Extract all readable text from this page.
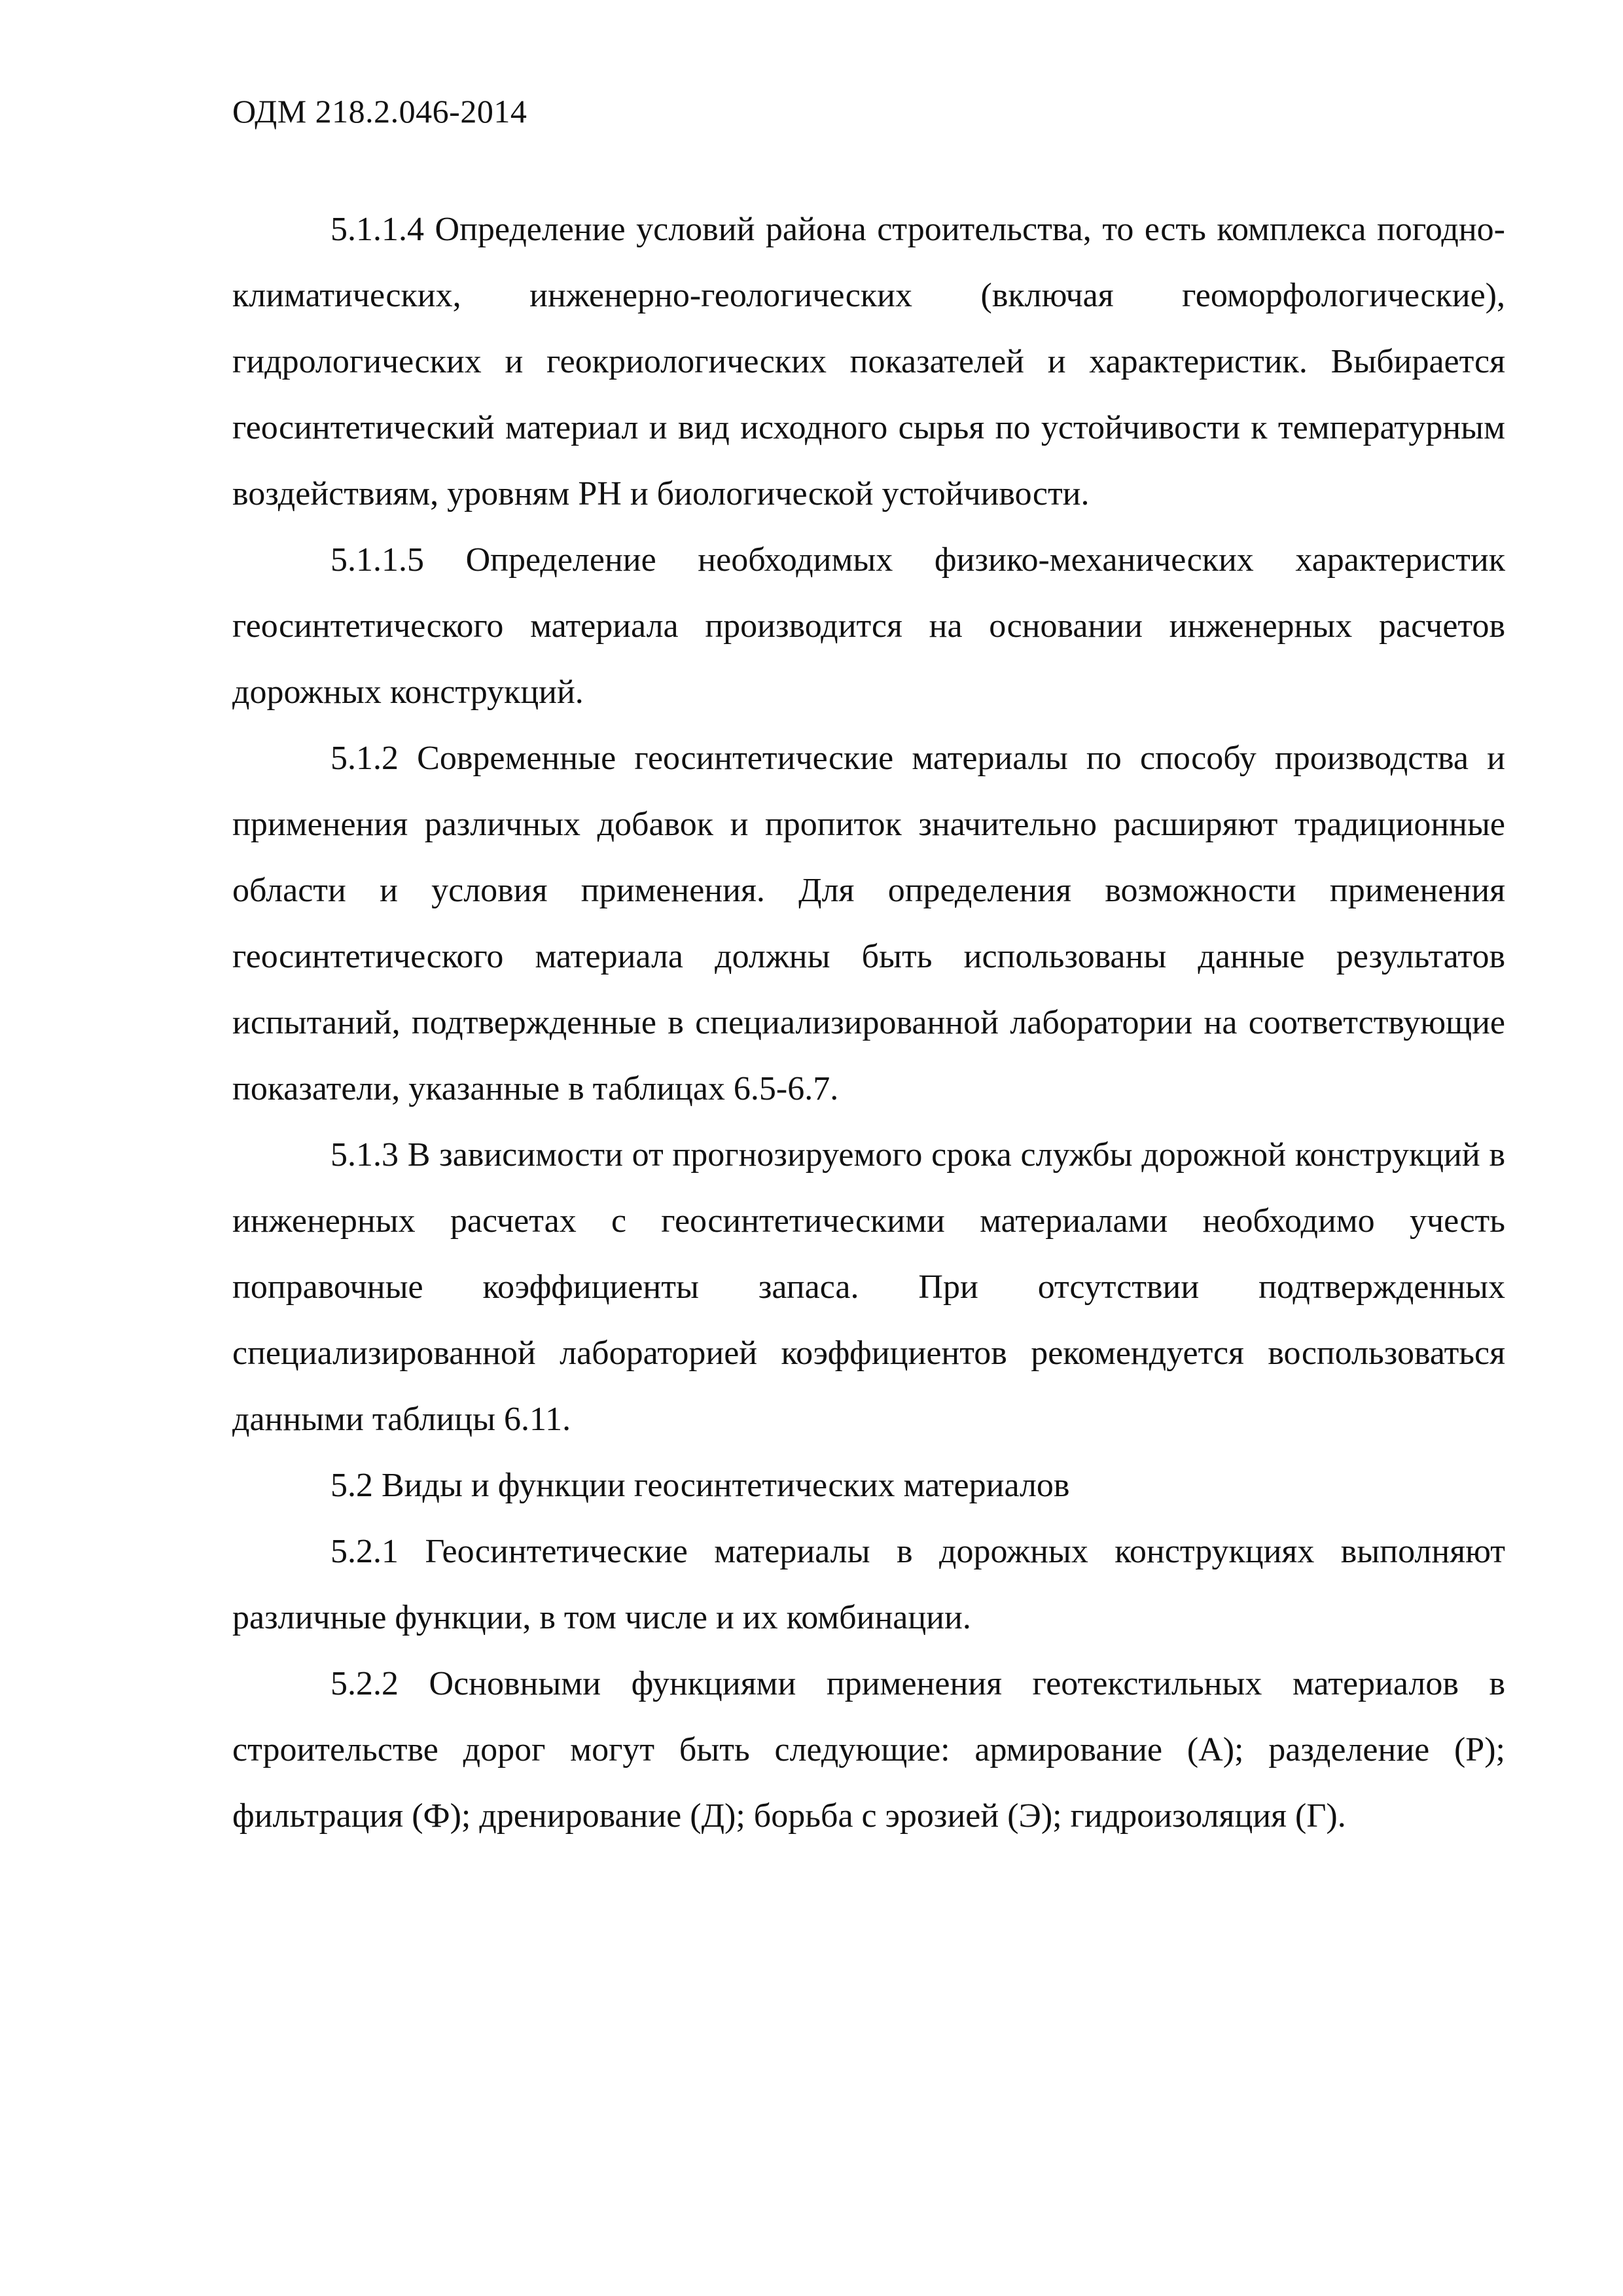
ОДМ 218.2.046-2014

5.1.1.4 Определение условий района строительства, то есть комплекса погодно-климатических, инженерно-геологических (включая геоморфологические), гидрологических и геокриологических показателей и характеристик. Выбирается геосинтетический материал и вид исходного сырья по устойчивости к температурным воздействиям, уровням РН и биологической устойчивости.

5.1.1.5 Определение необходимых физико-механических характеристик геосинтетического материала производится на основании инженерных расчетов дорожных конструкций.

5.1.2 Современные геосинтетические материалы по способу производства и применения различных добавок и пропиток значительно расширяют традиционные области и условия применения. Для определения возможности применения геосинтетического материала должны быть использованы данные результатов испытаний, подтвержденные в специализированной лаборатории на соответствующие показатели, указанные в таблицах 6.5-6.7.

5.1.3 В зависимости от прогнозируемого срока службы дорожной конструкций в инженерных расчетах с геосинтетическими материалами необходимо учесть поправочные коэффициенты запаса. При отсутствии подтвержденных специализированной лабораторией коэффициентов рекомендуется воспользоваться данными таблицы 6.11.

5.2 Виды и функции геосинтетических материалов

5.2.1 Геосинтетические материалы в дорожных конструкциях выполняют различные функции, в том числе и их комбинации.

5.2.2 Основными функциями применения геотекстильных материалов в строительстве дорог могут быть следующие: армирование (А); разделение (Р); фильтрация (Ф); дренирование (Д); борьба с эрозией (Э); гидроизоляция (Г).
